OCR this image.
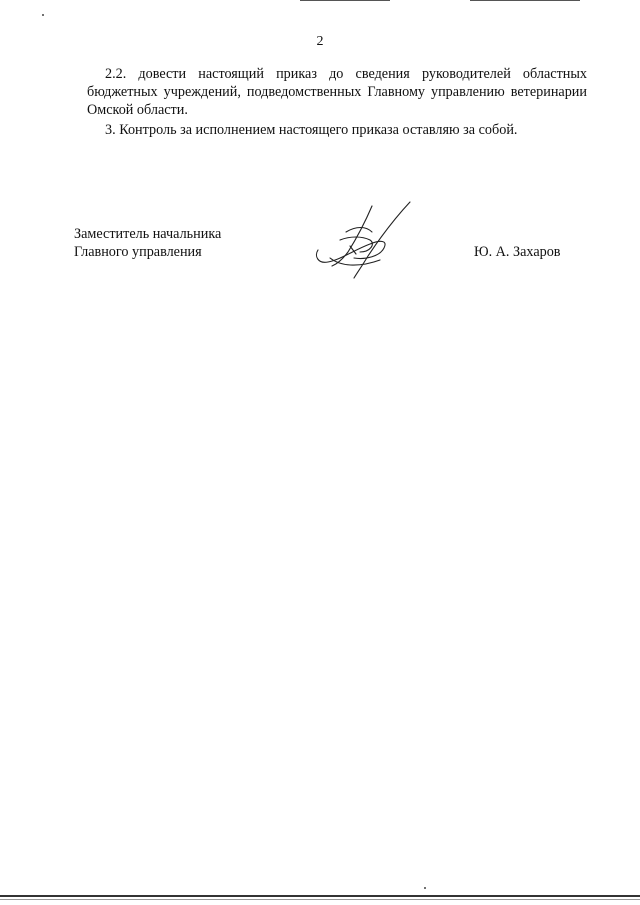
2

2.2. довести настоящий приказ до сведения руководителей областных бюджетных учреждений, подведомственных Главному управлению ветеринарии Омской области.

3. Контроль за исполнением настоящего приказа оставляю за собой.

Заместитель начальника
Главного управления	Ю. А. Захаров
